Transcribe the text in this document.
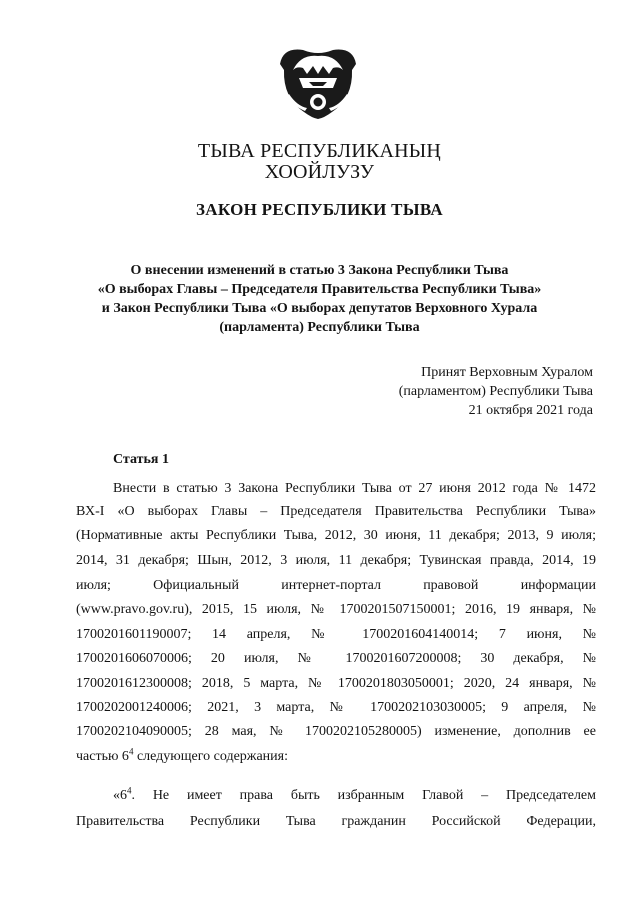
ТЫВА РЕСПУБЛИКАНЫҢ
ХООЙЛУЗУ
ЗАКОН РЕСПУБЛИКИ ТЫВА
О внесении изменений в статью 3 Закона Республики Тыва
«О выборах Главы – Председателя Правительства Республики Тыва»
и Закон Республики Тыва «О выборах депутатов Верховного Хурала
(парламента) Республики Тыва
Принят Верховным Хуралом
(парламентом) Республики Тыва
21 октября 2021 года
Статья 1
Внести в статью 3 Закона Республики Тыва от 27 июня 2012 года № 1472
ВХ-I «О выборах Главы – Председателя Правительства Республики Тыва»
(Нормативные акты Республики Тыва, 2012, 30 июня, 11 декабря; 2013, 9 июля;
2014, 31 декабря; Шын, 2012, 3 июля, 11 декабря; Тувинская правда, 2014, 19
июля; Официальный интернет-портал правовой информации
(www.pravo.gov.ru), 2015, 15 июля, № 1700201507150001; 2016, 19 января, №
1700201601190007; 14 апреля, № 1700201604140014; 7 июня, №
1700201606070006; 20 июля, № 1700201607200008; 30 декабря, №
1700201612300008; 2018, 5 марта, № 1700201803050001; 2020, 24 января, №
1700202001240006; 2021, 3 марта, № 1700202103030005; 9 апреля, №
1700202104090005; 28 мая, № 1700202105280005) изменение, дополнив ее
частью $6^4$ следующего содержания:
«$6^4$. Не имеет права быть избранным Главой – Председателем
Правительства Республики Тыва гражданин Российской Федерации,
